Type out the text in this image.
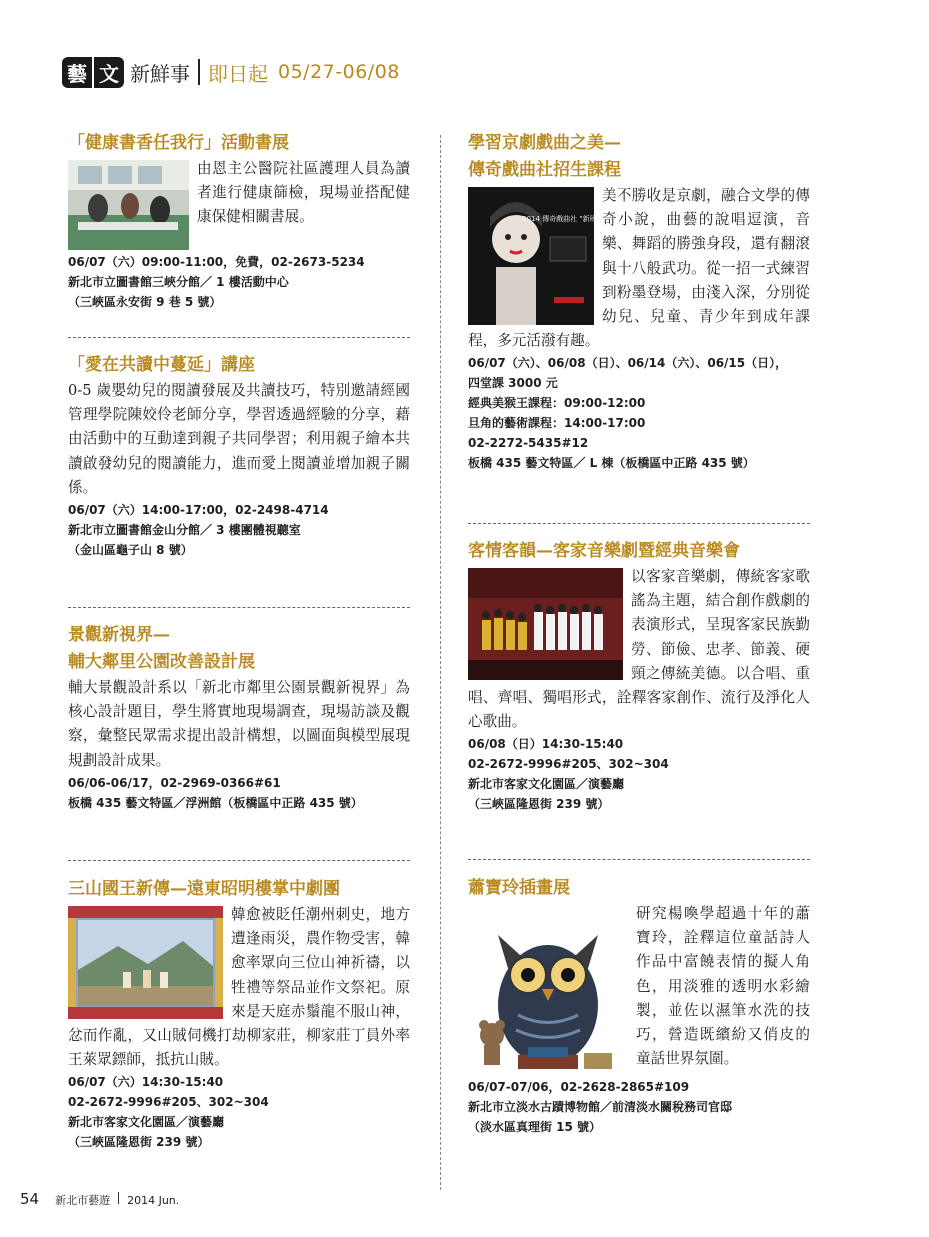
藝 文 新鮮事 即日起 05/27-06/08

「健康書香任我行」活動書展

由恩主公醫院社區護理人員為讀者進行健康篩檢，現場並搭配健康保健相關書展。

06/07（六）09:00-11:00，免費，02-2673-5234

新北市立圖書館三峽分館／ 1 樓活動中心

（三峽區永安街 9 巷 5 號）

「愛在共讀中蔓延」講座

0-5 歲嬰幼兒的閱讀發展及共讀技巧，特別邀請經國管理學院陳姣伶老師分享，學習透過經驗的分享，藉由活動中的互動達到親子共同學習；利用親子繪本共讀啟發幼兒的閱讀能力，進而愛上閱讀並增加親子關係。

06/07（六）14:00-17:00，02-2498-4714

新北市立圖書館金山分館／ 3 樓團體視聽室

（金山區龜子山 8 號）

景觀新視界—

輔大鄰里公園改善設計展

輔大景觀設計系以「新北市鄰里公園景觀新視界」為核心設計題目，學生將實地現場調查，現場訪談及觀察，彙整民眾需求提出設計構想，以圖面與模型展現規劃設計成果。

06/06-06/17，02-2969-0366#61

板橋 435 藝文特區／浮洲館（板橋區中正路 435 號）

三山國王新傳—遠東昭明樓掌中劇團

韓愈被貶任潮州刺史，地方遭逢雨災，農作物受害，韓愈率眾向三位山神祈禱，以牲禮等祭品並作文祭祀。原來是天庭赤鬚龍不服山神，忿而作亂，又山賊伺機打劫柳家莊，柳家莊丁員外率王萊眾鏢師，抵抗山賊。

06/07（六）14:30-15:40

02-2672-9996#205、302~304

新北市客家文化園區／演藝廳

（三峽區隆恩街 239 號）

學習京劇戲曲之美—

傳奇戲曲社招生課程

2014 傳奇戲曲社 "新班招生"

美不勝收是京劇，融合文學的傳奇小說，曲藝的說唱逗演，音樂、舞蹈的勝強身段，還有翻滾與十八般武功。從一招一式練習到粉墨登場，由淺入深，分別從幼兒、兒童、青少年到成年課程，多元活潑有趣。

06/07（六）、06/08（日）、06/14（六）、06/15（日），

四堂課 3000 元

經典美猴王課程：09:00-12:00

旦角的藝術課程：14:00-17:00

02-2272-5435#12

板橋 435 藝文特區／ L 棟（板橋區中正路 435 號）

客情客韻—客家音樂劇暨經典音樂會

以客家音樂劇，傳統客家歌謠為主題，結合創作戲劇的表演形式，呈現客家民族勤勞、節儉、忠孝、節義、硬頸之傳統美德。以合唱、重唱、齊唱、獨唱形式，詮釋客家創作、流行及淨化人心歌曲。

06/08（日）14:30-15:40

02-2672-9996#205、302~304

新北市客家文化園區／演藝廳

（三峽區隆恩街 239 號）

蕭寶玲插畫展

研究楊喚學超過十年的蕭寶玲，詮釋這位童話詩人作品中富饒表情的擬人角色，用淡雅的透明水彩繪製，並佐以濕筆水洗的技巧，營造既繽紛又俏皮的童話世界氛圍。

06/07-07/06，02-2628-2865#109

新北市立淡水古蹟博物館／前清淡水關稅務司官邸

（淡水區真理街 15 號）

54 新北市藝遊 2014 Jun.
